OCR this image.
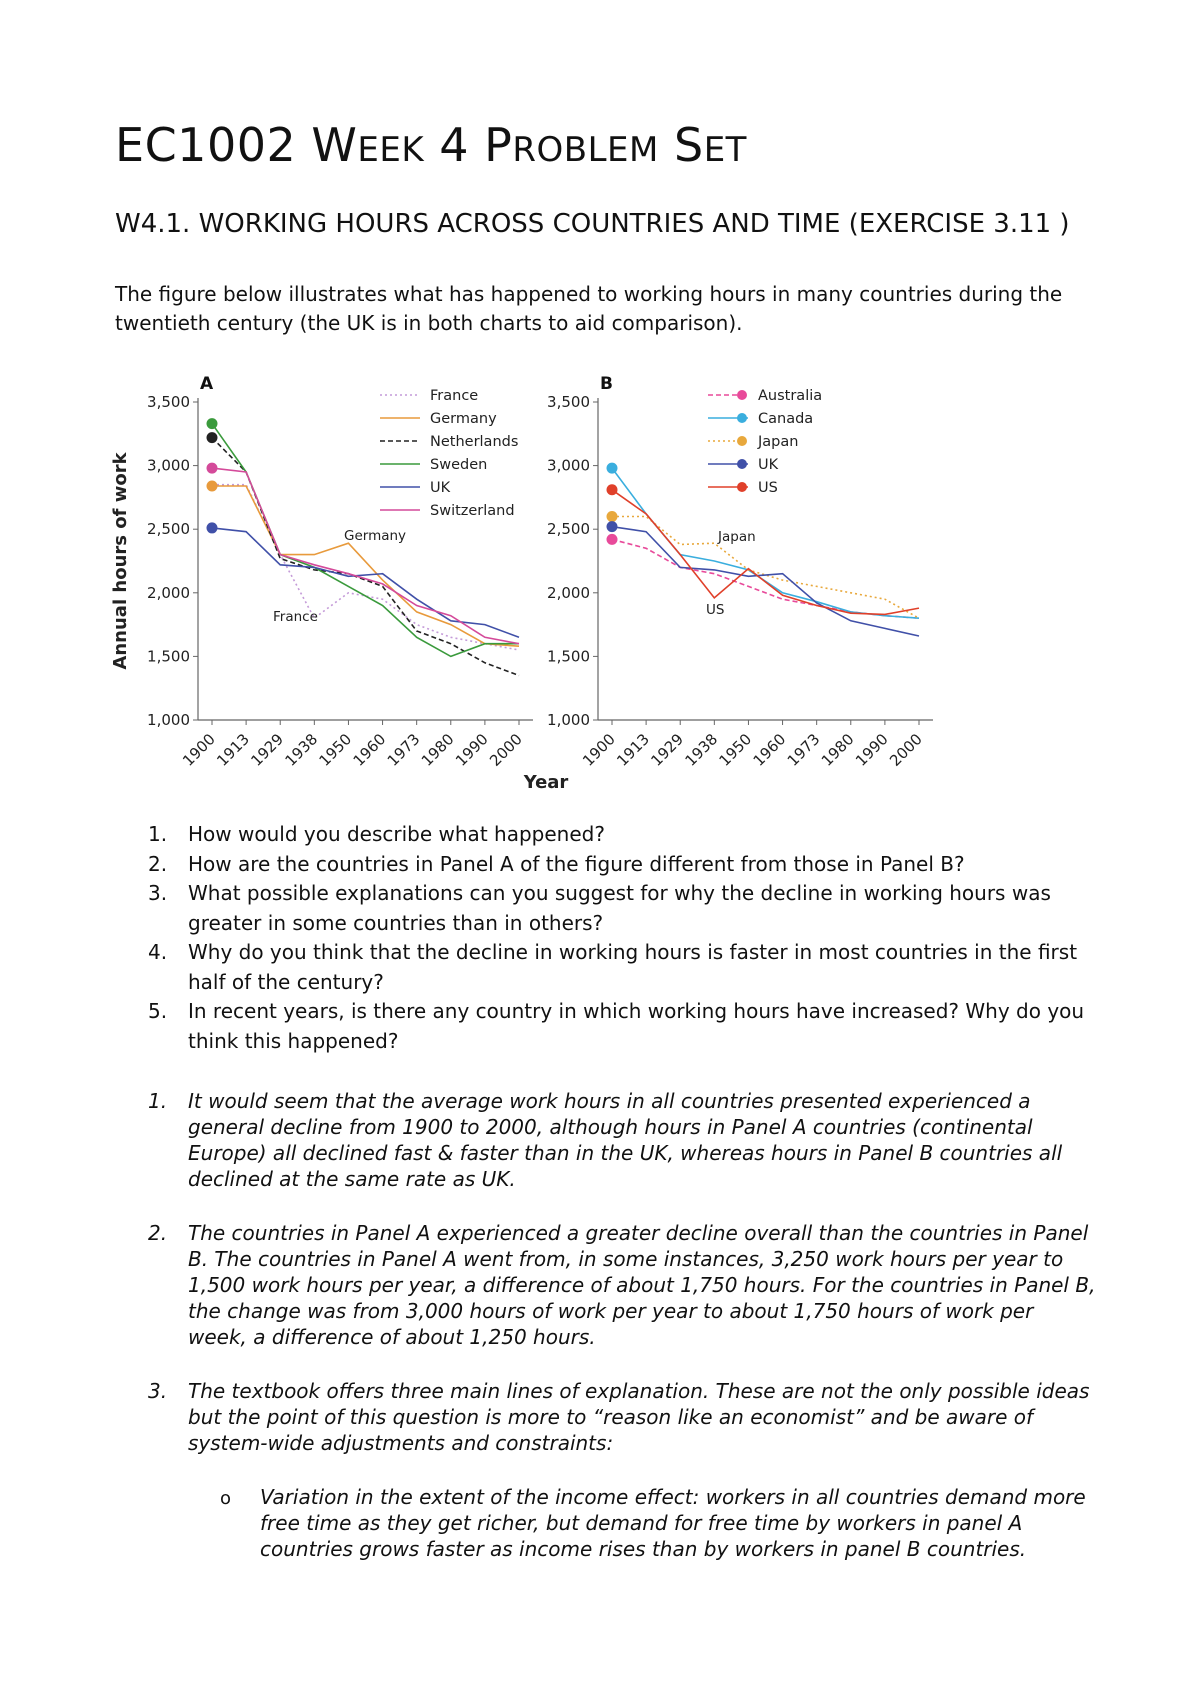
EC1002 WEEK 4 PROBLEM SET
W4.1. WORKING HOURS ACROSS COUNTRIES AND TIME (EXERCISE 3.11 )

The figure below illustrates what has happened to working hours in many countries during the twentieth century (the UK is in both charts to aid comparison).

A
1,000
1,500
2,000
2,500
3,000
3,500
1900
1913
1929
1938
1950
1960
1973
1980
1990
2000
France
Germany
Netherlands
Sweden
UK
Switzerland
Germany
France
B
1,000
1,500
2,000
2,500
3,000
3,500
1900
1913
1929
1938
1950
1960
1973
1980
1990
2000
Australia
Canada
Japan
UK
US
Japan
US
Annual hours of work
Year
1. How would you describe what happened?
2. How are the countries in Panel A of the figure different from those in Panel B?
3. What possible explanations can you suggest for why the decline in working hours was greater in some countries than in others?
4. Why do you think that the decline in working hours is faster in most countries in the first half of the century?
5. In recent years, is there any country in which working hours have increased? Why do you think this happened?
1. It would seem that the average work hours in all countries presented experienced a general decline from 1900 to 2000, although hours in Panel A countries (continental Europe) all declined fast & faster than in the UK, whereas hours in Panel B countries all declined at the same rate as UK.
2. The countries in Panel A experienced a greater decline overall than the countries in Panel B. The countries in Panel A went from, in some instances, 3,250 work hours per year to 1,500 work hours per year, a difference of about 1,750 hours. For the countries in Panel B, the change was from 3,000 hours of work per year to about 1,750 hours of work per week, a difference of about 1,250 hours.
3. The textbook offers three main lines of explanation. These are not the only possible ideas but the point of this question is more to “reason like an economist” and be aware of system-wide adjustments and constraints:
o Variation in the extent of the income effect: workers in all countries demand more free time as they get richer, but demand for free time by workers in panel A countries grows faster as income rises than by workers in panel B countries.
